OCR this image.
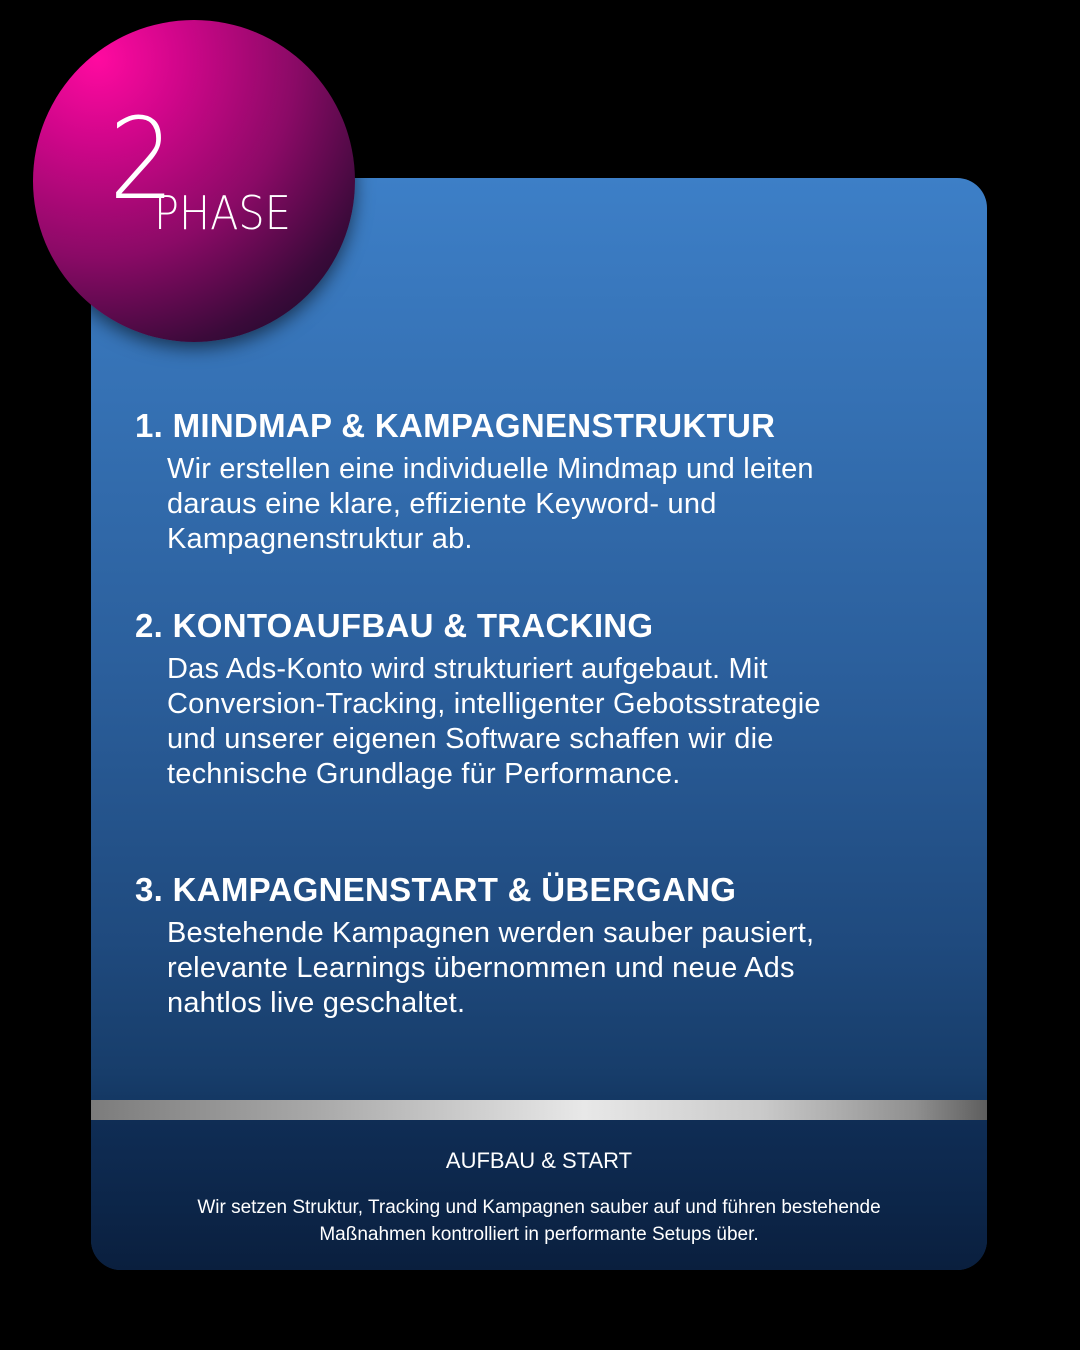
1. MINDMAP & KAMPAGNENSTRUKTUR

Wir erstellen eine individuelle Mindmap und leiten daraus eine klare, effiziente Keyword- und Kampagnenstruktur ab.

2. KONTOAUFBAU & TRACKING

Das Ads-Konto wird strukturiert aufgebaut. Mit Conversion-Tracking, intelligenter Gebotsstrategie und unserer eigenen Software schaffen wir die technische Grundlage für Performance.

3. KAMPAGNENSTART & ÜBERGANG

Bestehende Kampagnen werden sauber pausiert, relevante Learnings übernommen und neue Ads nahtlos live geschaltet.

AUFBAU & START
Wir setzen Struktur, Tracking und Kampagnen sauber auf und führen bestehende Maßnahmen kontrolliert in performante Setups über.
2
PHASE
